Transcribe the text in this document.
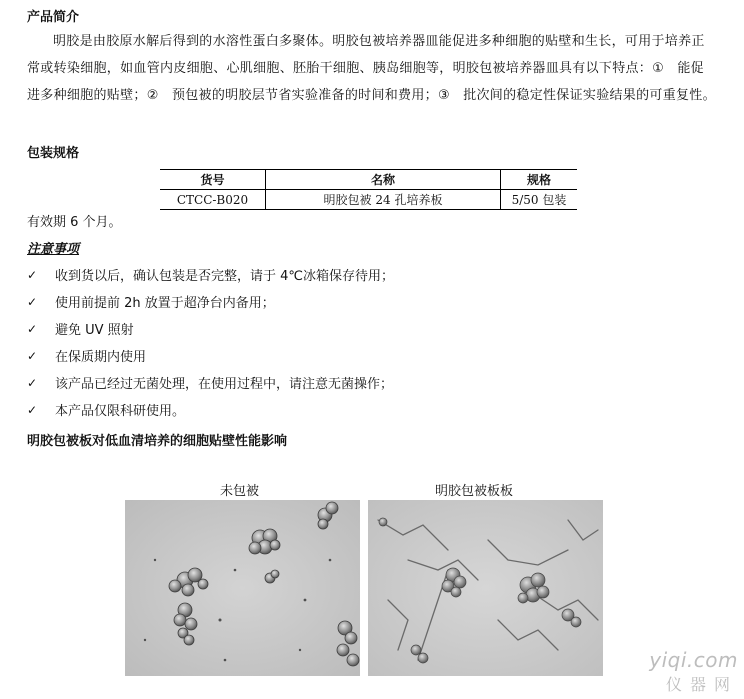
产品简介

明胶是由胶原水解后得到的水溶性蛋白多聚体。明胶包被培养器皿能促进多种细胞的贴壁和生长，可用于培养正常或转染细胞，如血管内皮细胞、心肌细胞、胚胎干细胞、胰岛细胞等，明胶包被培养器皿具有以下特点：①　能促进多种细胞的贴壁；②　预包被的明胶层节省实验准备的时间和费用；③　批次间的稳定性保证实验结果的可重复性。

包装规格
货号	名称	规格
CTCC-B020	明胶包被 24 孔培养板	5/50 包装

有效期 6 个月。

注意事项
✓	收到货以后，确认包装是否完整，请于 4℃冰箱保存待用；
✓	使用前提前 2h 放置于超净台内备用；
✓	避免 UV 照射
✓	在保质期内使用
✓	该产品已经过无菌处理，在使用过程中，请注意无菌操作；
✓	本产品仅限科研使用。
明胶包被板对低血清培养的细胞贴壁性能影响
未包被	明胶包被板板
yiqi.com
仪器网
